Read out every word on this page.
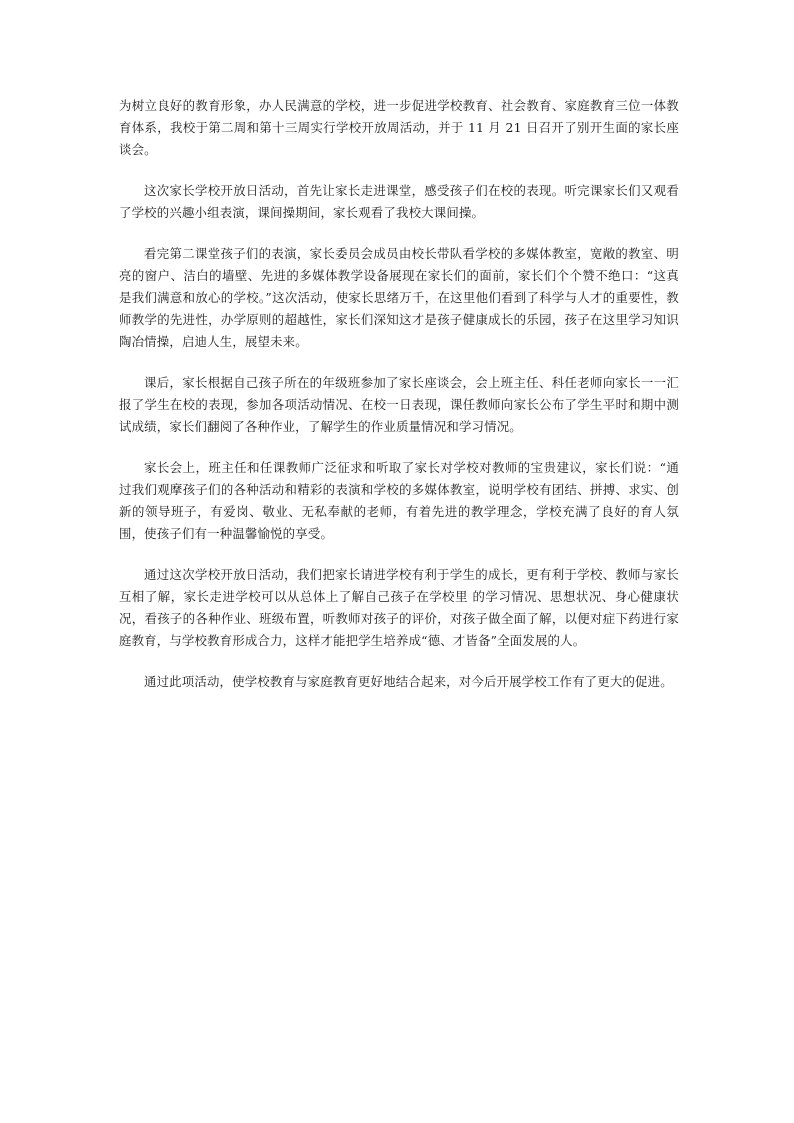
为树立良好的教育形象，办人民满意的学校，进一步促进学校教育、社会教育、家庭教育三位一体教育体系，我校于第二周和第十三周实行学校开放周活动，并于 11 月 21 日召开了别开生面的家长座谈会。

这次家长学校开放日活动，首先让家长走进课堂，感受孩子们在校的表现。听完课家长们又观看了学校的兴趣小组表演，课间操期间，家长观看了我校大课间操。

看完第二课堂孩子们的表演，家长委员会成员由校长带队看学校的多媒体教室，宽敞的教室、明亮的窗户、洁白的墙壁、先进的多媒体教学设备展现在家长们的面前，家长们个个赞不绝口：“这真是我们满意和放心的学校。”这次活动，使家长思绪万千，在这里他们看到了科学与人才的重要性，教师教学的先进性，办学原则的超越性，家长们深知这才是孩子健康成长的乐园，孩子在这里学习知识陶冶情操，启迪人生，展望未来。

课后，家长根据自己孩子所在的年级班参加了家长座谈会，会上班主任、科任老师向家长一一汇报了学生在校的表现，参加各项活动情况、在校一日表现，课任教师向家长公布了学生平时和期中测试成绩，家长们翻阅了各种作业，了解学生的作业质量情况和学习情况。

家长会上，班主任和任课教师广泛征求和听取了家长对学校对教师的宝贵建议，家长们说：“通过我们观摩孩子们的各种活动和精彩的表演和学校的多媒体教室，说明学校有团结、拼搏、求实、创新的领导班子，有爱岗、敬业、无私奉献的老师，有着先进的教学理念，学校充满了良好的育人氛围，使孩子们有一种温馨愉悦的享受。

通过这次学校开放日活动，我们把家长请进学校有利于学生的成长，更有利于学校、教师与家长互相了解，家长走进学校可以从总体上了解自己孩子在学校里 的学习情况、思想状况、身心健康状况，看孩子的各种作业、班级布置，听教师对孩子的评价，对孩子做全面了解，以便对症下药进行家庭教育，与学校教育形成合力，这样才能把学生培养成“德、才皆备”全面发展的人。

通过此项活动，使学校教育与家庭教育更好地结合起来，对今后开展学校工作有了更大的促进。
